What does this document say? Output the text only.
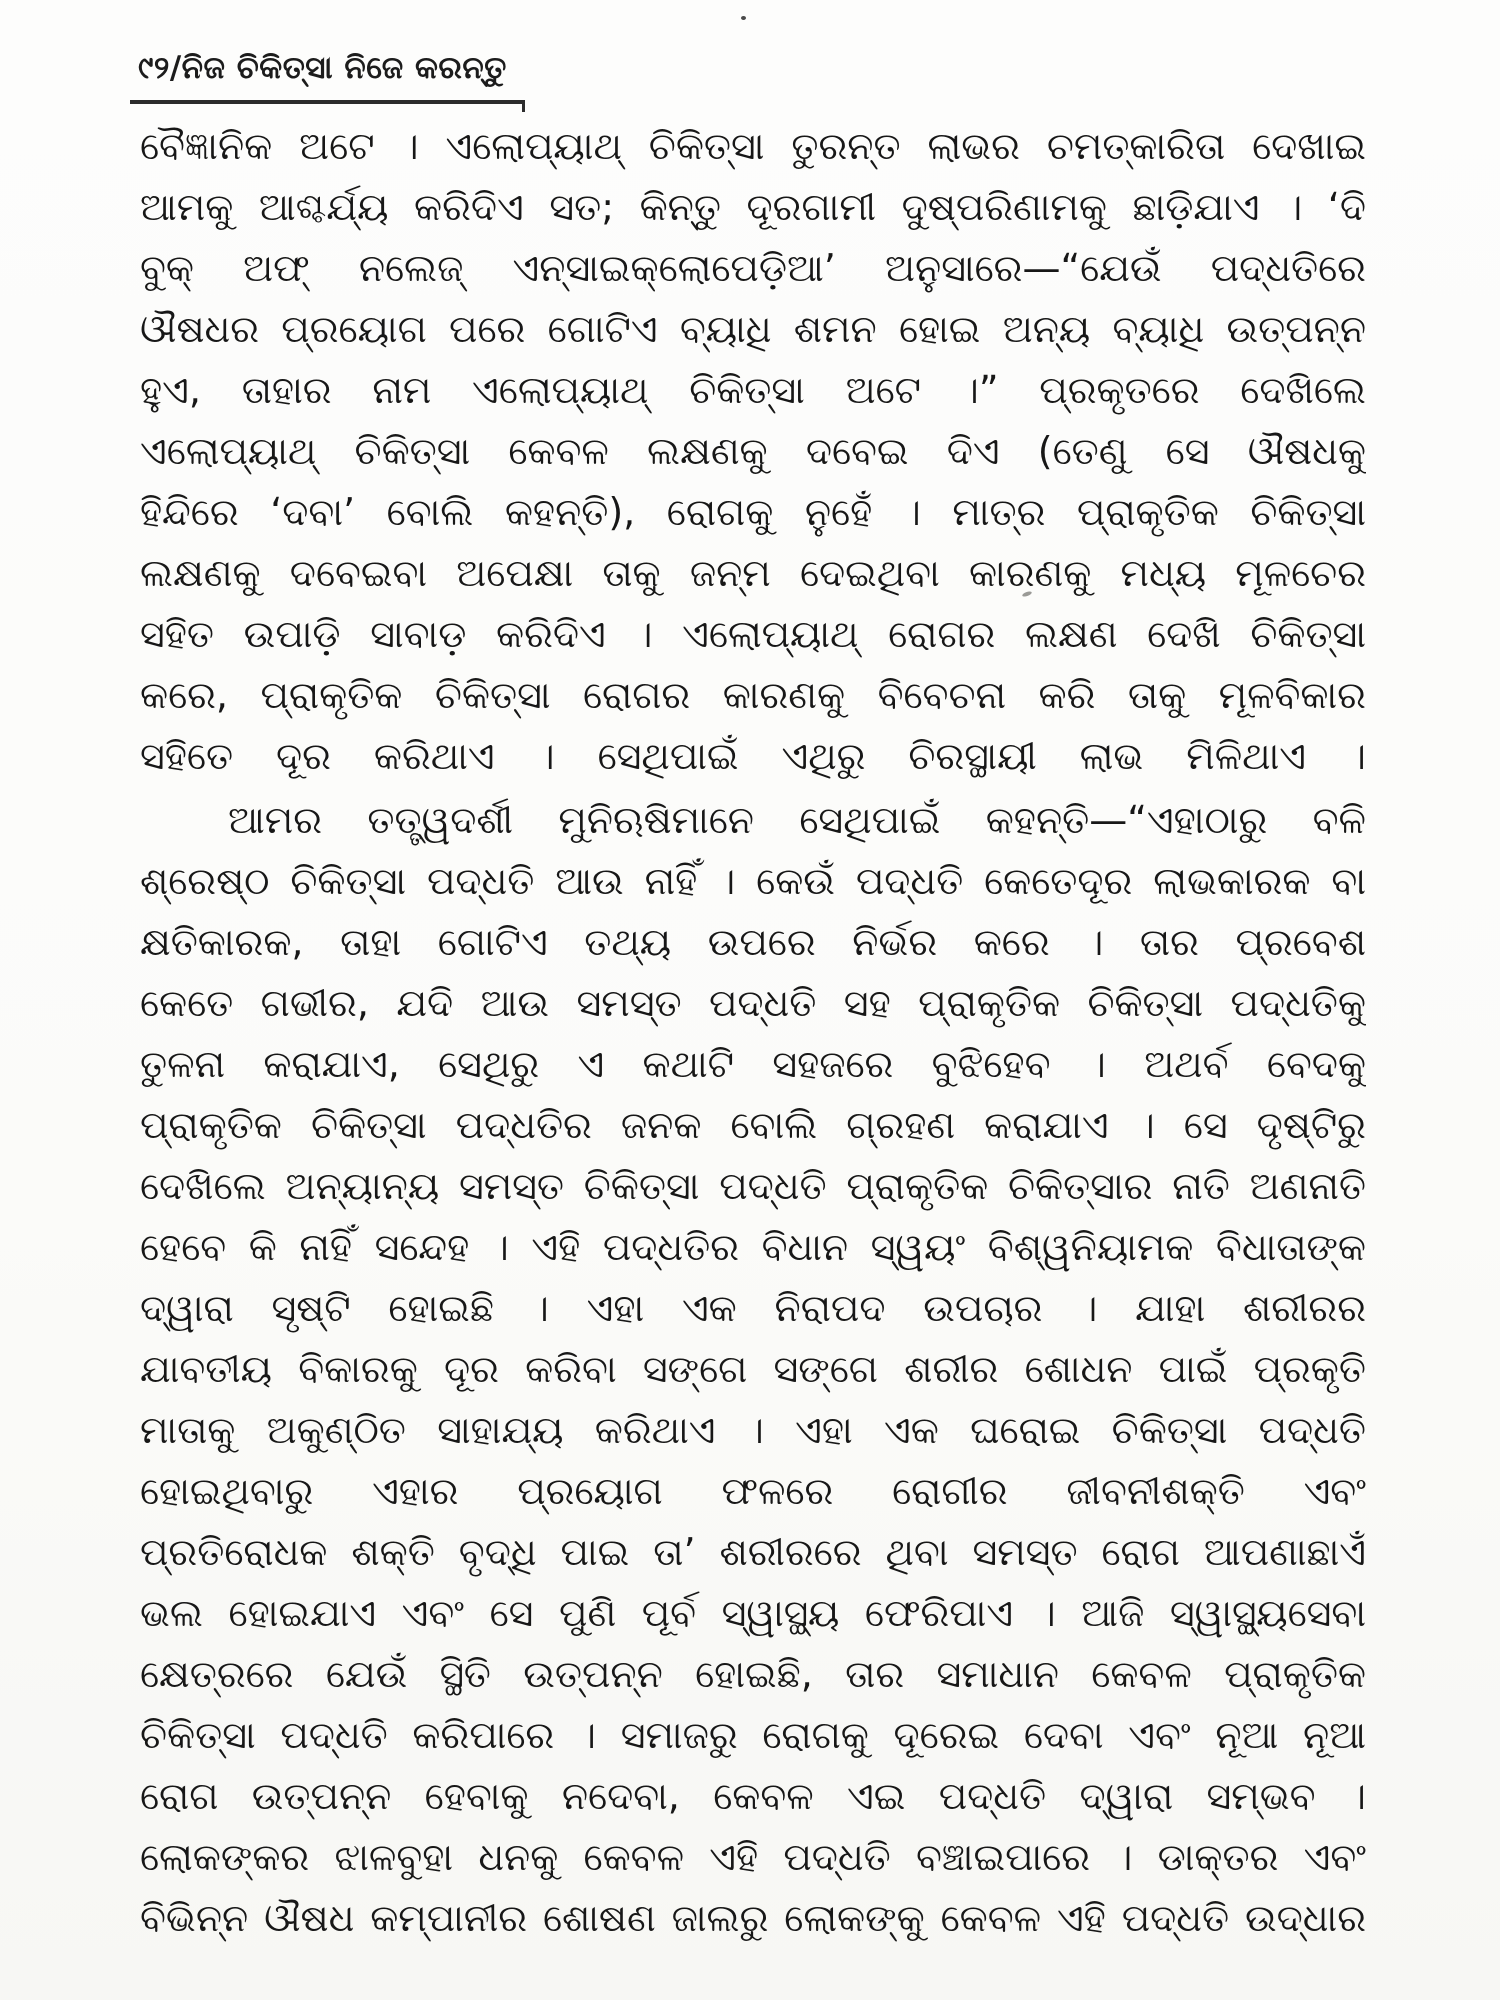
୯୨/ନିଜ ଚିକିତ୍ସା ନିଜେ କରନ୍ତୁ
ବୈଜ୍ଞାନିକ ଅଟେ । ଏଲୋପ୍ୟାଥ୍ ଚିକିତ୍ସା ତୁରନ୍ତ ଲାଭର ଚମତ୍କାରିତା ଦେଖାଇ
ଆମକୁ ଆଶ୍ଚର୍ଯ୍ୟ କରିଦିଏ ସତ; କିନ୍ତୁ ଦୂରଗାମୀ ଦୁଷ୍ପରିଣାମକୁ ଛାଡ଼ିଯାଏ । ‘ଦି
ବୁକ୍ ଅଫ୍ ନଲେଜ୍ ଏନ୍‌ସାଇକ୍ଲୋପେଡ଼ିଆ’ ଅନୁସାରେ—“ଯେଉଁ ପଦ୍ଧତିରେ
ଔଷଧର ପ୍ରୟୋଗ ପରେ ଗୋଟିଏ ବ୍ୟାଧି ଶମନ ହୋଇ ଅନ୍ୟ ବ୍ୟାଧି ଉତ୍ପନ୍ନ
ହୁଏ, ତାହାର ନାମ ଏଲୋପ୍ୟାଥ୍ ଚିକିତ୍ସା ଅଟେ ।” ପ୍ରକୃତରେ ଦେଖିଲେ
ଏଲୋପ୍ୟାଥ୍ ଚିକିତ୍ସା କେବଳ ଲକ୍ଷଣକୁ ଦବେଇ ଦିଏ (ତେଣୁ ସେ ଔଷଧକୁ
ହିନ୍ଦିରେ ‘ଦବା’ ବୋଲି କହନ୍ତି), ରୋଗକୁ ନୁହେଁ । ମାତ୍ର ପ୍ରାକୃତିକ ଚିକିତ୍ସା
ଲକ୍ଷଣକୁ ଦବେଇବା ଅପେକ୍ଷା ତାକୁ ଜନ୍ମ ଦେଇଥିବା କାରଣକୁ ମଧ୍ୟ ମୂଳଚେର
ସହିତ ଉପାଡ଼ି ସାବାଡ଼ କରିଦିଏ । ଏଲୋପ୍ୟାଥ୍ ରୋଗର ଲକ୍ଷଣ ଦେଖି ଚିକିତ୍ସା
କରେ, ପ୍ରାକୃତିକ ଚିକିତ୍ସା ରୋଗର କାରଣକୁ ବିବେଚନା କରି ତାକୁ ମୂଳବିକାର
ସହିତେ ଦୂର କରିଥାଏ । ସେଥିପାଇଁ ଏଥିରୁ ଚିରସ୍ଥାୟୀ ଲାଭ ମିଳିଥାଏ ।
ଆମର ତତ୍ତ୍ୱଦର୍ଶୀ ମୁନିଋଷିମାନେ ସେଥିପାଇଁ କହନ୍ତି—“ଏହାଠାରୁ ବଳି
ଶ୍ରେଷ୍ଠ ଚିକିତ୍ସା ପଦ୍ଧତି ଆଉ ନାହିଁ । କେଉଁ ପଦ୍ଧତି କେତେଦୂର ଲାଭକାରକ ବା
କ୍ଷତିକାରକ, ତାହା ଗୋଟିଏ ତଥ୍ୟ ଉପରେ ନିର୍ଭର କରେ । ତାର ପ୍ରବେଶ
କେତେ ଗଭୀର, ଯଦି ଆଉ ସମସ୍ତ ପଦ୍ଧତି ସହ ପ୍ରାକୃତିକ ଚିକିତ୍ସା ପଦ୍ଧତିକୁ
ତୁଳନା କରାଯାଏ, ସେଥିରୁ ଏ କଥାଟି ସହଜରେ ବୁଝିହେବ । ଅଥର୍ବ ବେଦକୁ
ପ୍ରାକୃତିକ ଚିକିତ୍ସା ପଦ୍ଧତିର ଜନକ ବୋଲି ଗ୍ରହଣ କରାଯାଏ । ସେ ଦୃଷ୍ଟିରୁ
ଦେଖିଲେ ଅନ୍ୟାନ୍ୟ ସମସ୍ତ ଚିକିତ୍ସା ପଦ୍ଧତି ପ୍ରାକୃତିକ ଚିକିତ୍ସାର ନାତି ଅଣନାତି
ହେବେ କି ନାହିଁ ସନ୍ଦେହ । ଏହି ପଦ୍ଧତିର ବିଧାନ ସ୍ୱୟଂ ବିଶ୍ୱନିୟାମକ ବିଧାତାଙ୍କ
ଦ୍ୱାରା ସୃଷ୍ଟି ହୋଇଛି । ଏହା ଏକ ନିରାପଦ ଉପଚାର । ଯାହା ଶରୀରର
ଯାବତୀୟ ବିକାରକୁ ଦୂର କରିବା ସଙ୍ଗେ ସଙ୍ଗେ ଶରୀର ଶୋଧନ ପାଇଁ ପ୍ରକୃତି
ମାତାକୁ ଅକୁଣ୍ଠିତ ସାହାଯ୍ୟ କରିଥାଏ । ଏହା ଏକ ଘରୋଇ ଚିକିତ୍ସା ପଦ୍ଧତି
ହୋଇଥିବାରୁ ଏହାର ପ୍ରୟୋଗ ଫଳରେ ରୋଗୀର ଜୀବନୀଶକ୍ତି ଏବଂ
ପ୍ରତିରୋଧକ ଶକ୍ତି ବୃଦ୍ଧି ପାଇ ତା’ ଶରୀରରେ ଥିବା ସମସ୍ତ ରୋଗ ଆପଣାଛାଏଁ
ଭଲ ହୋଇଯାଏ ଏବଂ ସେ ପୁଣି ପୂର୍ବ ସ୍ୱାସ୍ଥ୍ୟ ଫେରିପାଏ । ଆଜି ସ୍ୱାସ୍ଥ୍ୟସେବା
କ୍ଷେତ୍ରରେ ଯେଉଁ ସ୍ଥିତି ଉତ୍ପନ୍ନ ହୋଇଛି, ତାର ସମାଧାନ କେବଳ ପ୍ରାକୃତିକ
ଚିକିତ୍ସା ପଦ୍ଧତି କରିପାରେ । ସମାଜରୁ ରୋଗକୁ ଦୂରେଇ ଦେବା ଏବଂ ନୂଆ ନୂଆ
ରୋଗ ଉତ୍ପନ୍ନ ହେବାକୁ ନଦେବା, କେବଳ ଏଇ ପଦ୍ଧତି ଦ୍ୱାରା ସମ୍ଭବ ।
ଲୋକଙ୍କର ଝାଳବୁହା ଧନକୁ କେବଳ ଏହି ପଦ୍ଧତି ବଞ୍ଚାଇପାରେ । ଡାକ୍ତର ଏବଂ
ବିଭିନ୍ନ ଔଷଧ କମ୍ପାନୀର ଶୋଷଣ ଜାଲରୁ ଲୋକଙ୍କୁ କେବଳ ଏହି ପଦ୍ଧତି ଉଦ୍ଧାର
